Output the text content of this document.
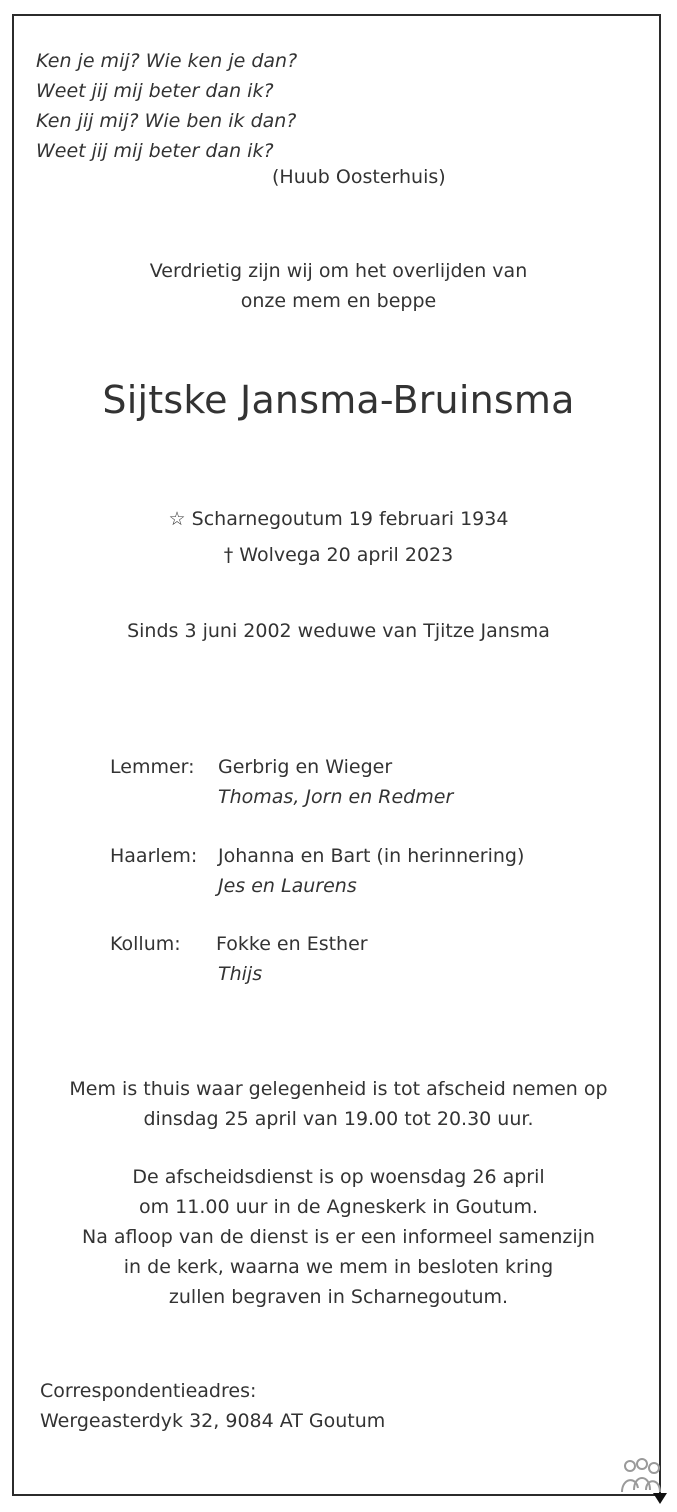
Ken je mij? Wie ken je dan?
Weet jij mij beter dan ik?
Ken jij mij? Wie ben ik dan?
Weet jij mij beter dan ik?
(Huub Oosterhuis)
Verdrietig zijn wij om het overlijden van
onze mem en beppe
Sijtske Jansma-Bruinsma
☆ Scharnegoutum 19 februari 1934
† Wolvega 20 april 2023
Sinds 3 juni 2002 weduwe van Tjitze Jansma
Lemmer: Gerbrig en Wieger
Thomas, Jorn en Redmer
Haarlem: Johanna en Bart (in herinnering)
Jes en Laurens
Kollum: Fokke en Esther
Thijs
Mem is thuis waar gelegenheid is tot afscheid nemen op
dinsdag 25 april van 19.00 tot 20.30 uur.
De afscheidsdienst is op woensdag 26 april
om 11.00 uur in de Agneskerk in Goutum.
Na afloop van de dienst is er een informeel samenzijn
in de kerk, waarna we mem in besloten kring
zullen begraven in Scharnegoutum.
Correspondentieadres:
Wergeasterdyk 32, 9084 AT Goutum
